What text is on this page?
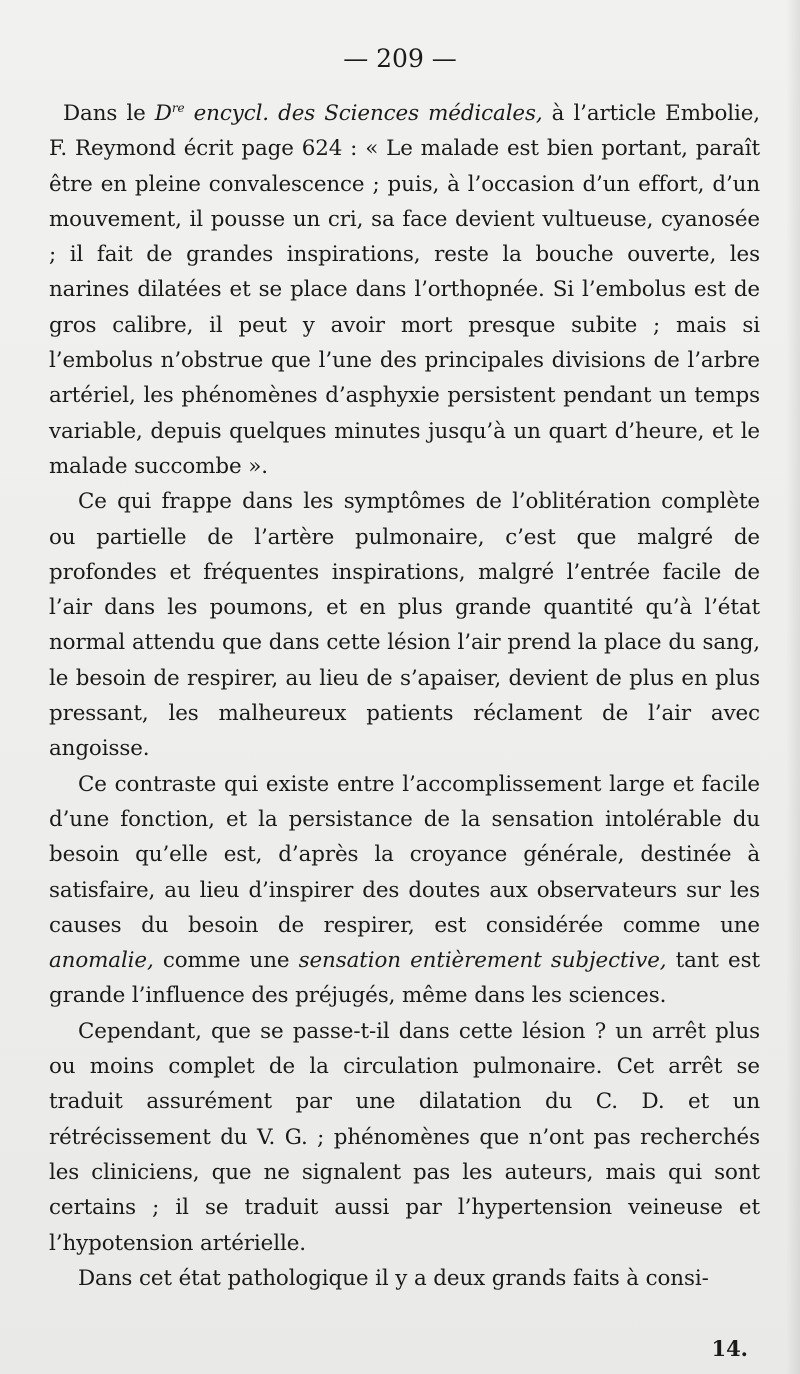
— 209 —

Dans le Dre encycl. des Sciences médicales, à l’article Embolie, F. Reymond écrit page 624 : « Le malade est bien portant, paraît être en pleine convalescence ; puis, à l’occasion d’un effort, d’un mouvement, il pousse un cri, sa face devient vultueuse, cyanosée ; il fait de grandes inspirations, reste la bouche ouverte, les narines dilatées et se place dans l’orthopnée. Si l’embolus est de gros calibre, il peut y avoir mort presque subite ; mais si l’embolus n’obstrue que l’une des principales divisions de l’arbre artériel, les phénomènes d’asphyxie persistent pendant un temps variable, depuis quelques minutes jusqu’à un quart d’heure, et le malade succombe ».

Ce qui frappe dans les symptômes de l’oblitération complète ou partielle de l’artère pulmonaire, c’est que malgré de profondes et fréquentes inspirations, malgré l’entrée facile de l’air dans les poumons, et en plus grande quantité qu’à l’état normal attendu que dans cette lésion l’air prend la place du sang, le besoin de respirer, au lieu de s’apaiser, devient de plus en plus pressant, les malheureux patients réclament de l’air avec angoisse.

Ce contraste qui existe entre l’accomplissement large et facile d’une fonction, et la persistance de la sensation intolérable du besoin qu’elle est, d’après la croyance générale, destinée à satisfaire, au lieu d’inspirer des doutes aux observateurs sur les causes du besoin de respirer, est considérée comme une anomalie, comme une sensation entièrement subjective, tant est grande l’influence des préjugés, même dans les sciences.

Cependant, que se passe-t-il dans cette lésion ? un arrêt plus ou moins complet de la circulation pulmonaire. Cet arrêt se traduit assurément par une dilatation du C. D. et un rétrécissement du V. G. ; phénomènes que n’ont pas recherchés les cliniciens, que ne signalent pas les auteurs, mais qui sont certains ; il se traduit aussi par l’hypertension veineuse et l’hypotension artérielle.

Dans cet état pathologique il y a deux grands faits à consi-

14.
